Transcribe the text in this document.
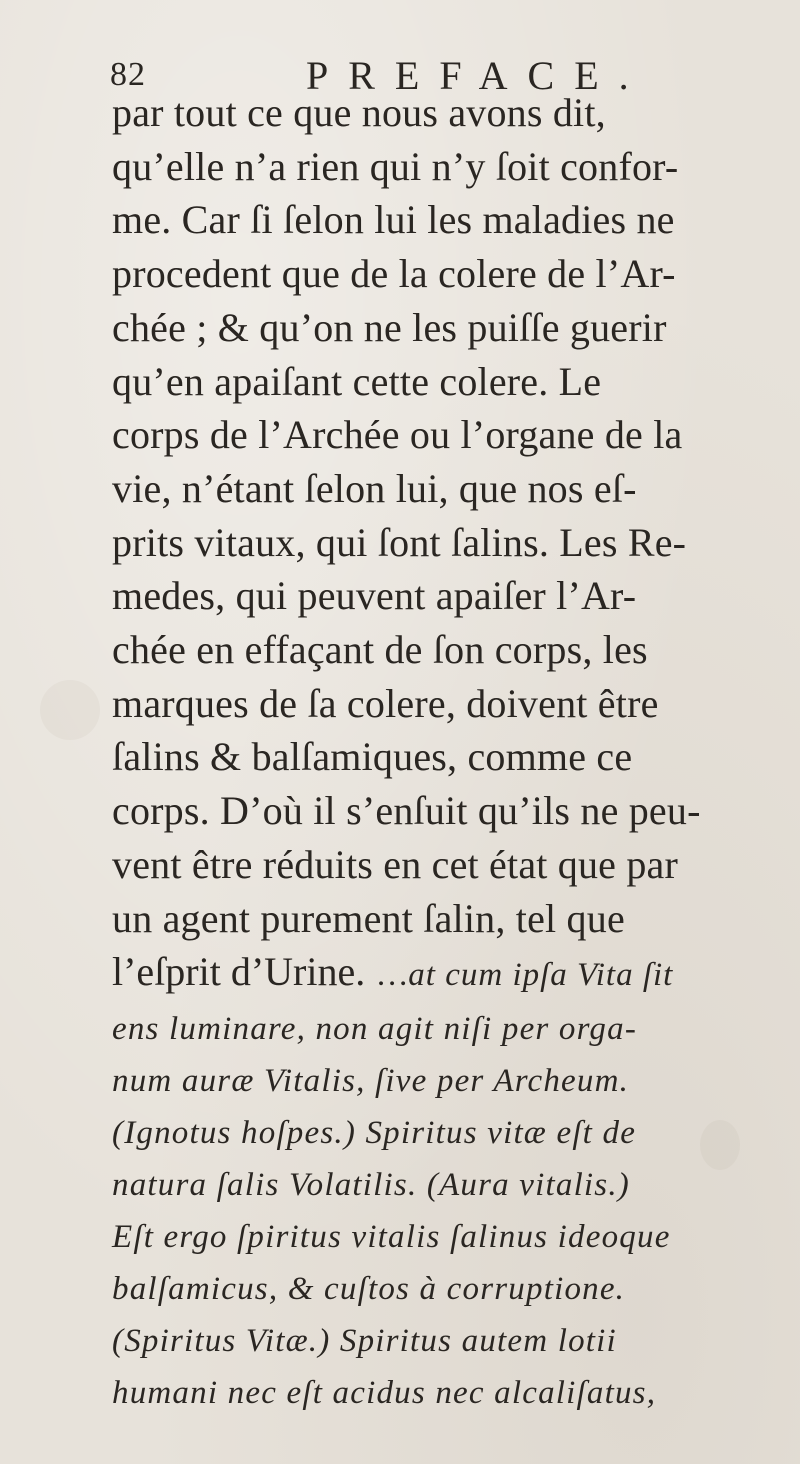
82	PREFACE.
par tout ce que nous avons dit,
qu’elle n’a rien qui n’y ſoit confor-
me. Car ſi ſelon lui les maladies ne
procedent que de la colere de l’Ar-
chée ; & qu’on ne les puiſſe guerir
qu’en apaiſant cette colere. Le
corps de l’Archée ou l’organe de la
vie, n’étant ſelon lui, que nos eſ-
prits vitaux, qui ſont ſalins. Les Re-
medes, qui peuvent apaiſer l’Ar-
chée en effaçant de ſon corps, les
marques de ſa colere, doivent être
ſalins & balſamiques, comme ce
corps. D’où il s’enſuit qu’ils ne peu-
vent être réduits en cet état que par
un agent purement ſalin, tel que
l’eſprit d’Urine. …at cum ipſa Vita ſit
ens luminare, non agit niſi per orga-
num auræ Vitalis, ſive per Archeum.
(Ignotus hoſpes.) Spiritus vitæ eſt de
natura ſalis Volatilis. (Aura vitalis.)
Eſt ergo ſpiritus vitalis ſalinus ideoque
balſamicus, & cuſtos à corruptione.
(Spiritus Vitæ.) Spiritus autem lotii
humani nec eſt acidus nec alcaliſatus,
